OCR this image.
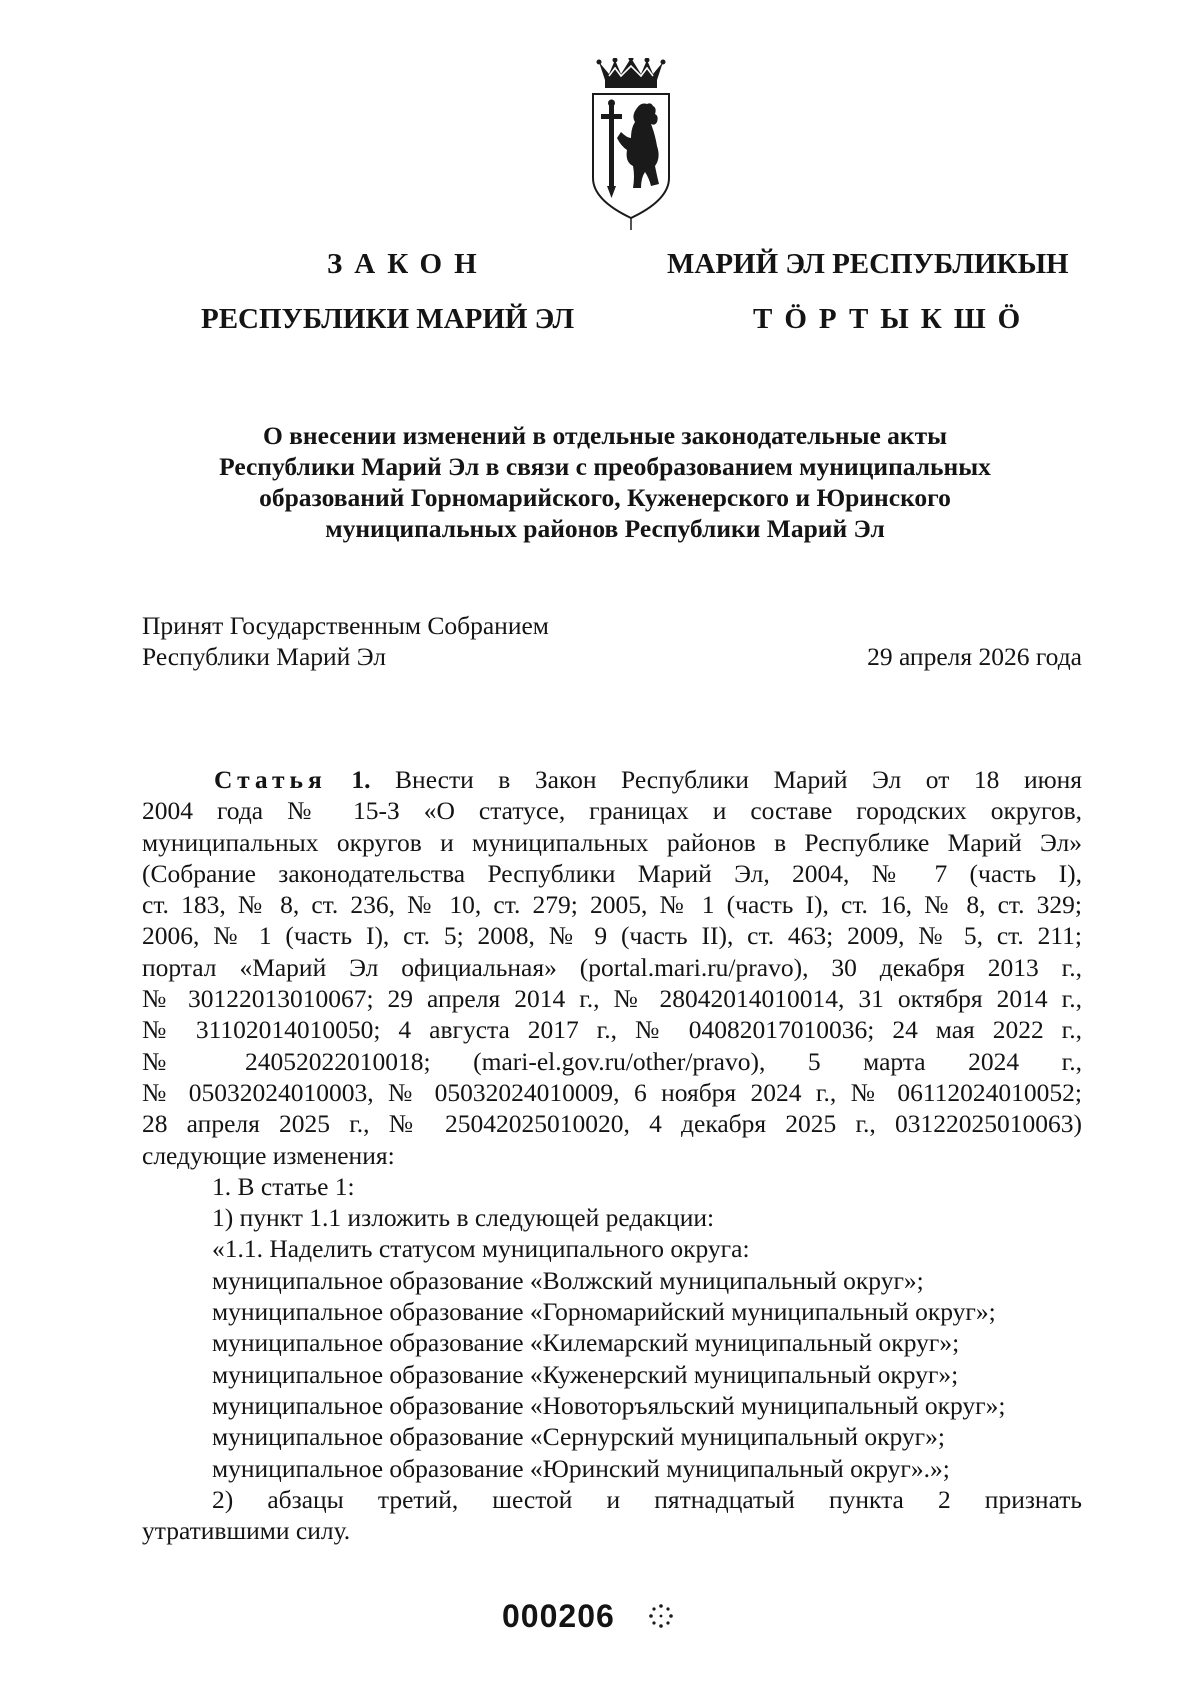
ЗАКОН
РЕСПУБЛИКИ МАРИЙ ЭЛ
МАРИЙ ЭЛ РЕСПУБЛИКЫН
ТӦРТЫКШӦ
О внесении изменений в отдельные законодательные акты
Республики Марий Эл в связи с преобразованием муниципальных
образований Горномарийского, Куженерского и Юринского
муниципальных районов Республики Марий Эл
Принят Государственным Собранием
Республики Марий Эл	29 апреля 2026 года
Статья 1. Внести в Закон Республики Марий Эл от 18 июня
2004 года № 15-З «О статусе, границах и составе городских округов,
муниципальных округов и муниципальных районов в Республике Марий Эл»
(Собрание законодательства Республики Марий Эл, 2004, № 7 (часть I),
ст. 183, № 8, ст. 236, № 10, ст. 279; 2005, № 1 (часть I), ст. 16, № 8, ст. 329;
2006, № 1 (часть I), ст. 5; 2008, № 9 (часть II), ст. 463; 2009, № 5, ст. 211;
портал «Марий Эл официальная» (portal.mari.ru/pravo), 30 декабря 2013 г.,
№ 30122013010067; 29 апреля 2014 г., № 28042014010014, 31 октября 2014 г.,
№ 31102014010050; 4 августа 2017 г., № 04082017010036; 24 мая 2022 г.,
№ 24052022010018; (mari-el.gov.ru/other/pravo), 5 марта 2024 г.,
№ 05032024010003, № 05032024010009, 6 ноября 2024 г., № 06112024010052;
28 апреля 2025 г., № 25042025010020, 4 декабря 2025 г., 03122025010063)
следующие изменения:
1. В статье 1:
1) пункт 1.1 изложить в следующей редакции:
«1.1. Наделить статусом муниципального округа:
муниципальное образование «Волжский муниципальный округ»;
муниципальное образование «Горномарийский муниципальный округ»;
муниципальное образование «Килемарский муниципальный округ»;
муниципальное образование «Куженерский муниципальный округ»;
муниципальное образование «Новоторъяльский муниципальный округ»;
муниципальное образование «Сернурский муниципальный округ»;
муниципальное образование «Юринский муниципальный округ».»;
2) абзацы третий, шестой и пятнадцатый пункта 2 признать
утратившими силу.
000206
